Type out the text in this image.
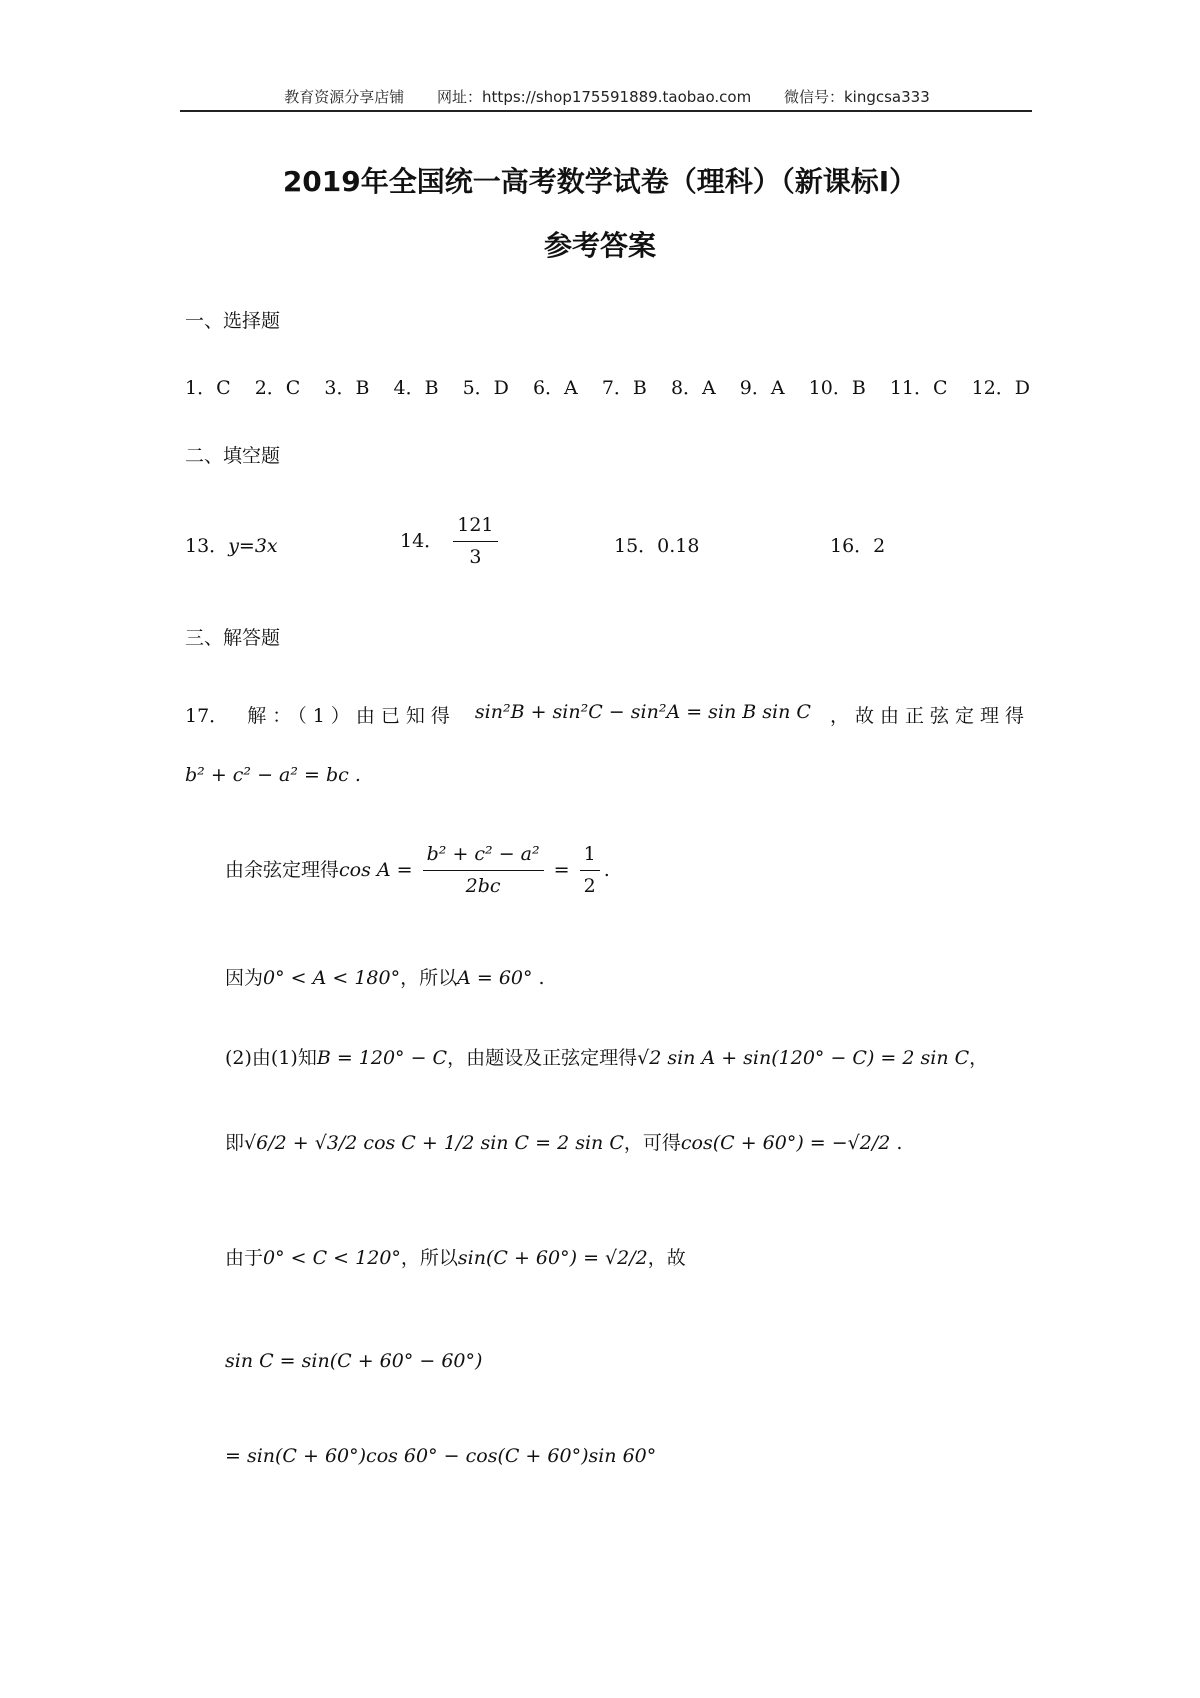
教育资源分享店铺 网址：https://shop175591889.taobao.com 微信号：kingcsa333
2019年全国统一高考数学试卷（理科）（新课标Ⅰ）
参考答案
一、选择题
1．C 2．C 3．B 4．B 5．D 6．A 7．B 8．A 9．A 10．B 11．C 12．D
二、填空题
13．y=3x	14． $\frac{121}{3}$	15．0.18	16．2
三、解答题
17． 解：（1）由已知得 sin²B + sin²C − sin²A = sin B sin C ，故由正弦定理得
b² + c² − a² = bc .
由余弦定理得$\cos A = \frac{\text{b² + c² − a²}}{2bc} = \frac{1}{2}$ .
因为0° < A < 180°，所以A = 60° .
(2)由(1)知B = 120° − C，由题设及正弦定理得√2 sin A + sin(120° − C) = 2 sin C，
即√6/2 + √3/2 cos C + 1/2 sin C = 2 sin C，可得cos(C + 60°) = −√2/2 .
由于0° < C < 120°，所以sin(C + 60°) = √2/2，故
sin C = sin(C + 60° − 60°)
= sin(C + 60°)cos 60° − cos(C + 60°)sin 60°
